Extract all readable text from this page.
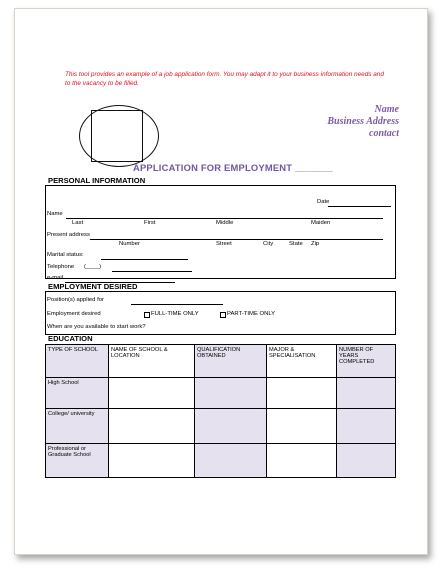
This tool provides an example of a job application form. You may adapt it to your business information needs and to the vacancy to be filled.
Name
Business Address
contact
APPLICATION FOR EMPLOYMENT _______
PERSONAL INFORMATION
Date
Name
Last	First	Middle	Maiden
Present address
Number	Street	City	State Zip
Marital status:
Telephone (____)
e-mail
EMPLOYMENT DESIRED
Position(s) applied for
Employment desired	FULL-TIME ONLY	PART-TIME ONLY
When are you available to start work?
EDUCATION
TYPE OF SCHOOL	NAME OF SCHOOL & LOCATION	QUALIFICATION OBTAINED	MAJOR & SPECIALISATION	NUMBER OF YEARS COMPLETED
High School				
College/ university				
Professional or Graduate School				
